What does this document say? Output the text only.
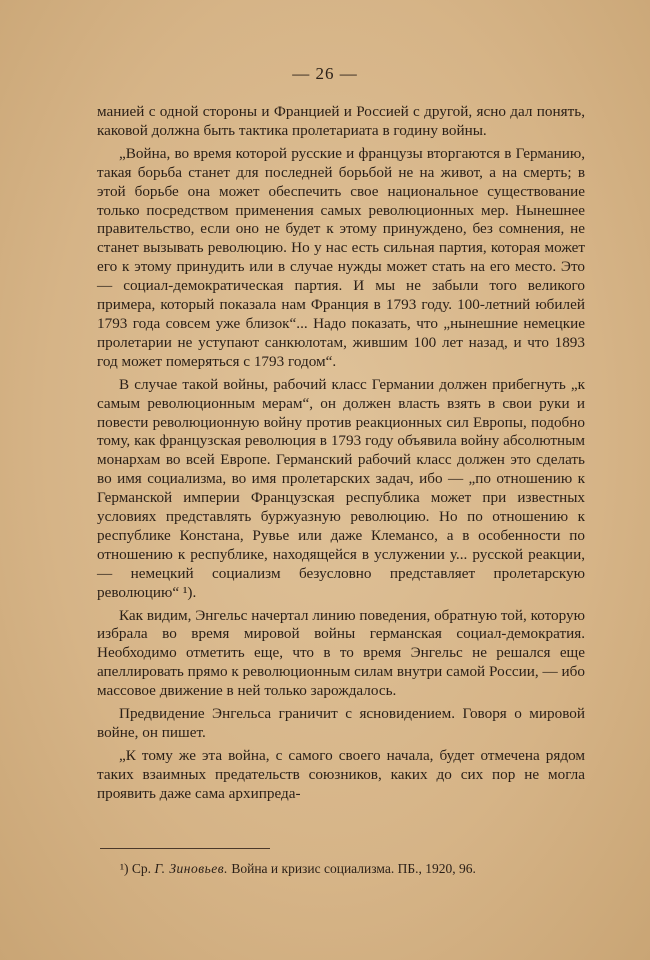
— 26 —

манией с одной стороны и Францией и Россией с другой, ясно дал понять, каковой должна быть тактика пролетариата в годину войны.

„Война, во время которой русские и французы вторгаются в Германию, такая борьба станет для последней борьбой не на живот, а на смерть; в этой борьбе она может обеспечить свое национальное существование только посредством применения самых революционных мер. Нынешнее правительство, если оно не будет к этому принуждено, без сомнения, не станет вызывать революцию. Но у нас есть сильная партия, которая может его к этому принудить или в случае нужды может стать на его место. Это — социал-демократическая партия. И мы не забыли того великого примера, который показала нам Франция в 1793 году. 100-летний юбилей 1793 года совсем уже близок“... Надо показать, что „нынешние немецкие пролетарии не уступают санкюлотам, жившим 100 лет назад, и что 1893 год может померяться с 1793 годом“.

В случае такой войны, рабочий класс Германии должен прибегнуть „к самым революционным мерам“, он должен власть взять в свои руки и повести революционную войну против реакционных сил Европы, подобно тому, как французская революция в 1793 году объявила войну абсолютным монархам во всей Европе. Германский рабочий класс должен это сделать во имя социализма, во имя пролетарских задач, ибо — „по отношению к Германской империи Французская республика может при известных условиях представлять буржуазную революцию. Но по отношению к республике Констана, Рувье или даже Клемансо, а в особенности по отношению к республике, находящейся в услужении у... русской реакции, — немецкий социализм безусловно представляет пролетарскую революцию“ ¹).

Как видим, Энгельс начертал линию поведения, обратную той, которую избрала во время мировой войны германская социал-демократия. Необходимо отметить еще, что в то время Энгельс не решался еще апеллировать прямо к революционным силам внутри самой России, — ибо массовое движение в ней только зарождалось.

Предвидение Энгельса граничит с ясновидением. Говоря о мировой войне, он пишет.

„К тому же эта война, с самого своего начала, будет отмечена рядом таких взаимных предательств союзников, каких до сих пор не могла проявить даже сама архипреда-

¹) Ср. Г. Зиновьев. Война и кризис социализма. ПБ., 1920, 96.
